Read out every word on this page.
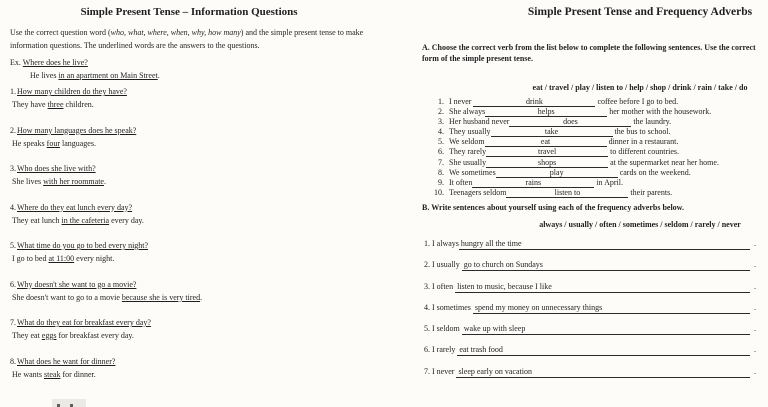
Simple Present Tense – Information Questions

Use the correct question word (who, what, where, when, why, how many) and the simple present tense to make information questions. The underlined words are the answers to the questions.

Ex. Where does he live?
He lives in an apartment on Main Street.
1.How many children do they have?
They have three children.
2.How many languages does he speak?
He speaks four languages.
3.Who does she live with?
She lives with her roommate.
4.Where do they eat lunch every day?
They eat lunch in the cafeteria every day.
5.What time do you go to bed every night?
I go to bed at 11:00 every night.
6.Why doesn't she want to go a movie?
She doesn't want to go to a movie because she is very tired.
7.What do they eat for breakfast every day?
They eat eggs for breakfast every day.
8.What does he want for dinner?
He wants steak for dinner.
Simple Present Tense and Frequency Adverbs
A. Choose the correct verb from the list below to complete the following sentences. Use the correct
form of the simple present tense.
eat / travel / play / listen to / help / shop / drink / rain / take / do
1. I never	drink	coffee before I go to bed.
2. She always	helps	her mother with the housework.
3. Her husband never	does	the laundry.
4. They usually	take	the bus to school.
5. We seldom	eat	dinner in a restaurant.
6. They rarely	travel	to different countries.
7. She usually	shops	at the supermarket near her home.
8. We sometimes	play	cards on the weekend.
9. It often	rains	in April.
10. Teenagers seldom	listen to	their parents.
B. Write sentences about yourself using each of the frequency adverbs below.
always / usually / often / sometimes / seldom / rarely / never
1. I always hungry all the time	.
2. I usually go to church on Sundays	.
3. I often listen to music, because I like	.
4. I sometimes spend my money on unnecessary things	.
5. I seldom wake up with sleep	.
6. I rarely eat trash food	.
7. I never sleep early on vacation	.
